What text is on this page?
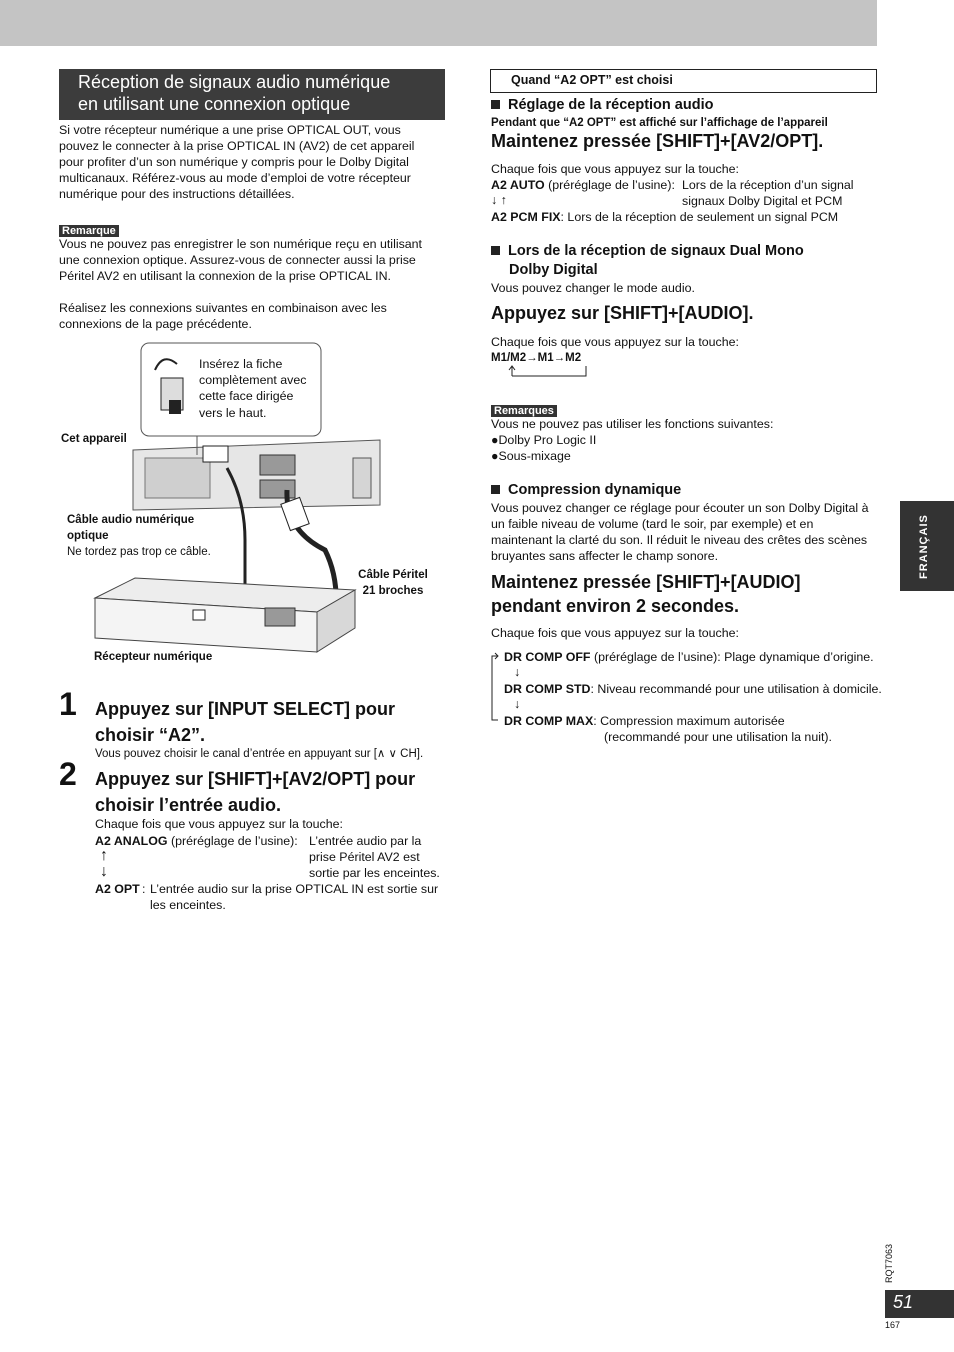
Réception de signaux audio numérique
en utilisant une connexion optique
Si votre récepteur numérique a une prise OPTICAL OUT, vous
pouvez le connecter à la prise OPTICAL IN (AV2) de cet appareil
pour profiter d’un son numérique y compris pour le Dolby Digital
multicanaux. Référez-vous au mode d’emploi de votre récepteur
numérique pour des instructions détaillées.
Remarque
Vous ne pouvez pas enregistrer le son numérique reçu en utilisant
une connexion optique. Assurez-vous de connecter aussi la prise
Péritel AV2 en utilisant la connexion de la prise OPTICAL IN.
Réalisez les connexions suivantes en combinaison avec les
connexions de la page précédente.
Insérez la fiche
complètement avec
cette face dirigée
vers le haut.
Cet appareil
Câble audio numérique
optique
Ne tordez pas trop ce câble.
Câble Péritel
21 broches
Récepteur numérique
1 Appuyez sur [INPUT SELECT] pour
choisir “A2”.
Vous pouvez choisir le canal d’entrée en appuyant sur [∧ ∨ CH].
2 Appuyez sur [SHIFT]+[AV2/OPT] pour
choisir l’entrée audio.
Chaque fois que vous appuyez sur la touche:
A2 ANALOG (préréglage de l’usine): L’entrée audio par la
prise Péritel AV2 est
sortie par les enceintes.
↑
↓
A2 OPT : L’entrée audio sur la prise OPTICAL IN est sortie sur
les enceintes.
Quand “A2 OPT” est choisi
Réglage de la réception audio
Pendant que “A2 OPT” est affiché sur l’affichage de l’appareil
Maintenez pressée [SHIFT]+[AV2/OPT].
Chaque fois que vous appuyez sur la touche:
A2 AUTO (préréglage de l’usine): Lors de la réception d’un signal
↓ ↑	signaux Dolby Digital et PCM
A2 PCM FIX: Lors de la réception de seulement un signal PCM
Lors de la réception de signaux Dual Mono
Dolby Digital
Vous pouvez changer le mode audio.
Appuyez sur [SHIFT]+[AUDIO].
Chaque fois que vous appuyez sur la touche:
M1/M2→M1→M2
Remarques
Vous ne pouvez pas utiliser les fonctions suivantes:
●Dolby Pro Logic II
●Sous-mixage
Compression dynamique
Vous pouvez changer ce réglage pour écouter un son Dolby Digital à
un faible niveau de volume (tard le soir, par exemple) et en
maintenant la clarté du son. Il réduit le niveau des crêtes des scènes
bruyantes sans affecter le champ sonore.
Maintenez pressée [SHIFT]+[AUDIO]
pendant environ 2 secondes.
Chaque fois que vous appuyez sur la touche:
DR COMP OFF (préréglage de l’usine): Plage dynamique d’origine.
↓
DR COMP STD: Niveau recommandé pour une utilisation à domicile.
↓
DR COMP MAX: Compression maximum autorisée
(recommandé pour une utilisation la nuit).
FRANÇAIS
RQT7063
51
167
